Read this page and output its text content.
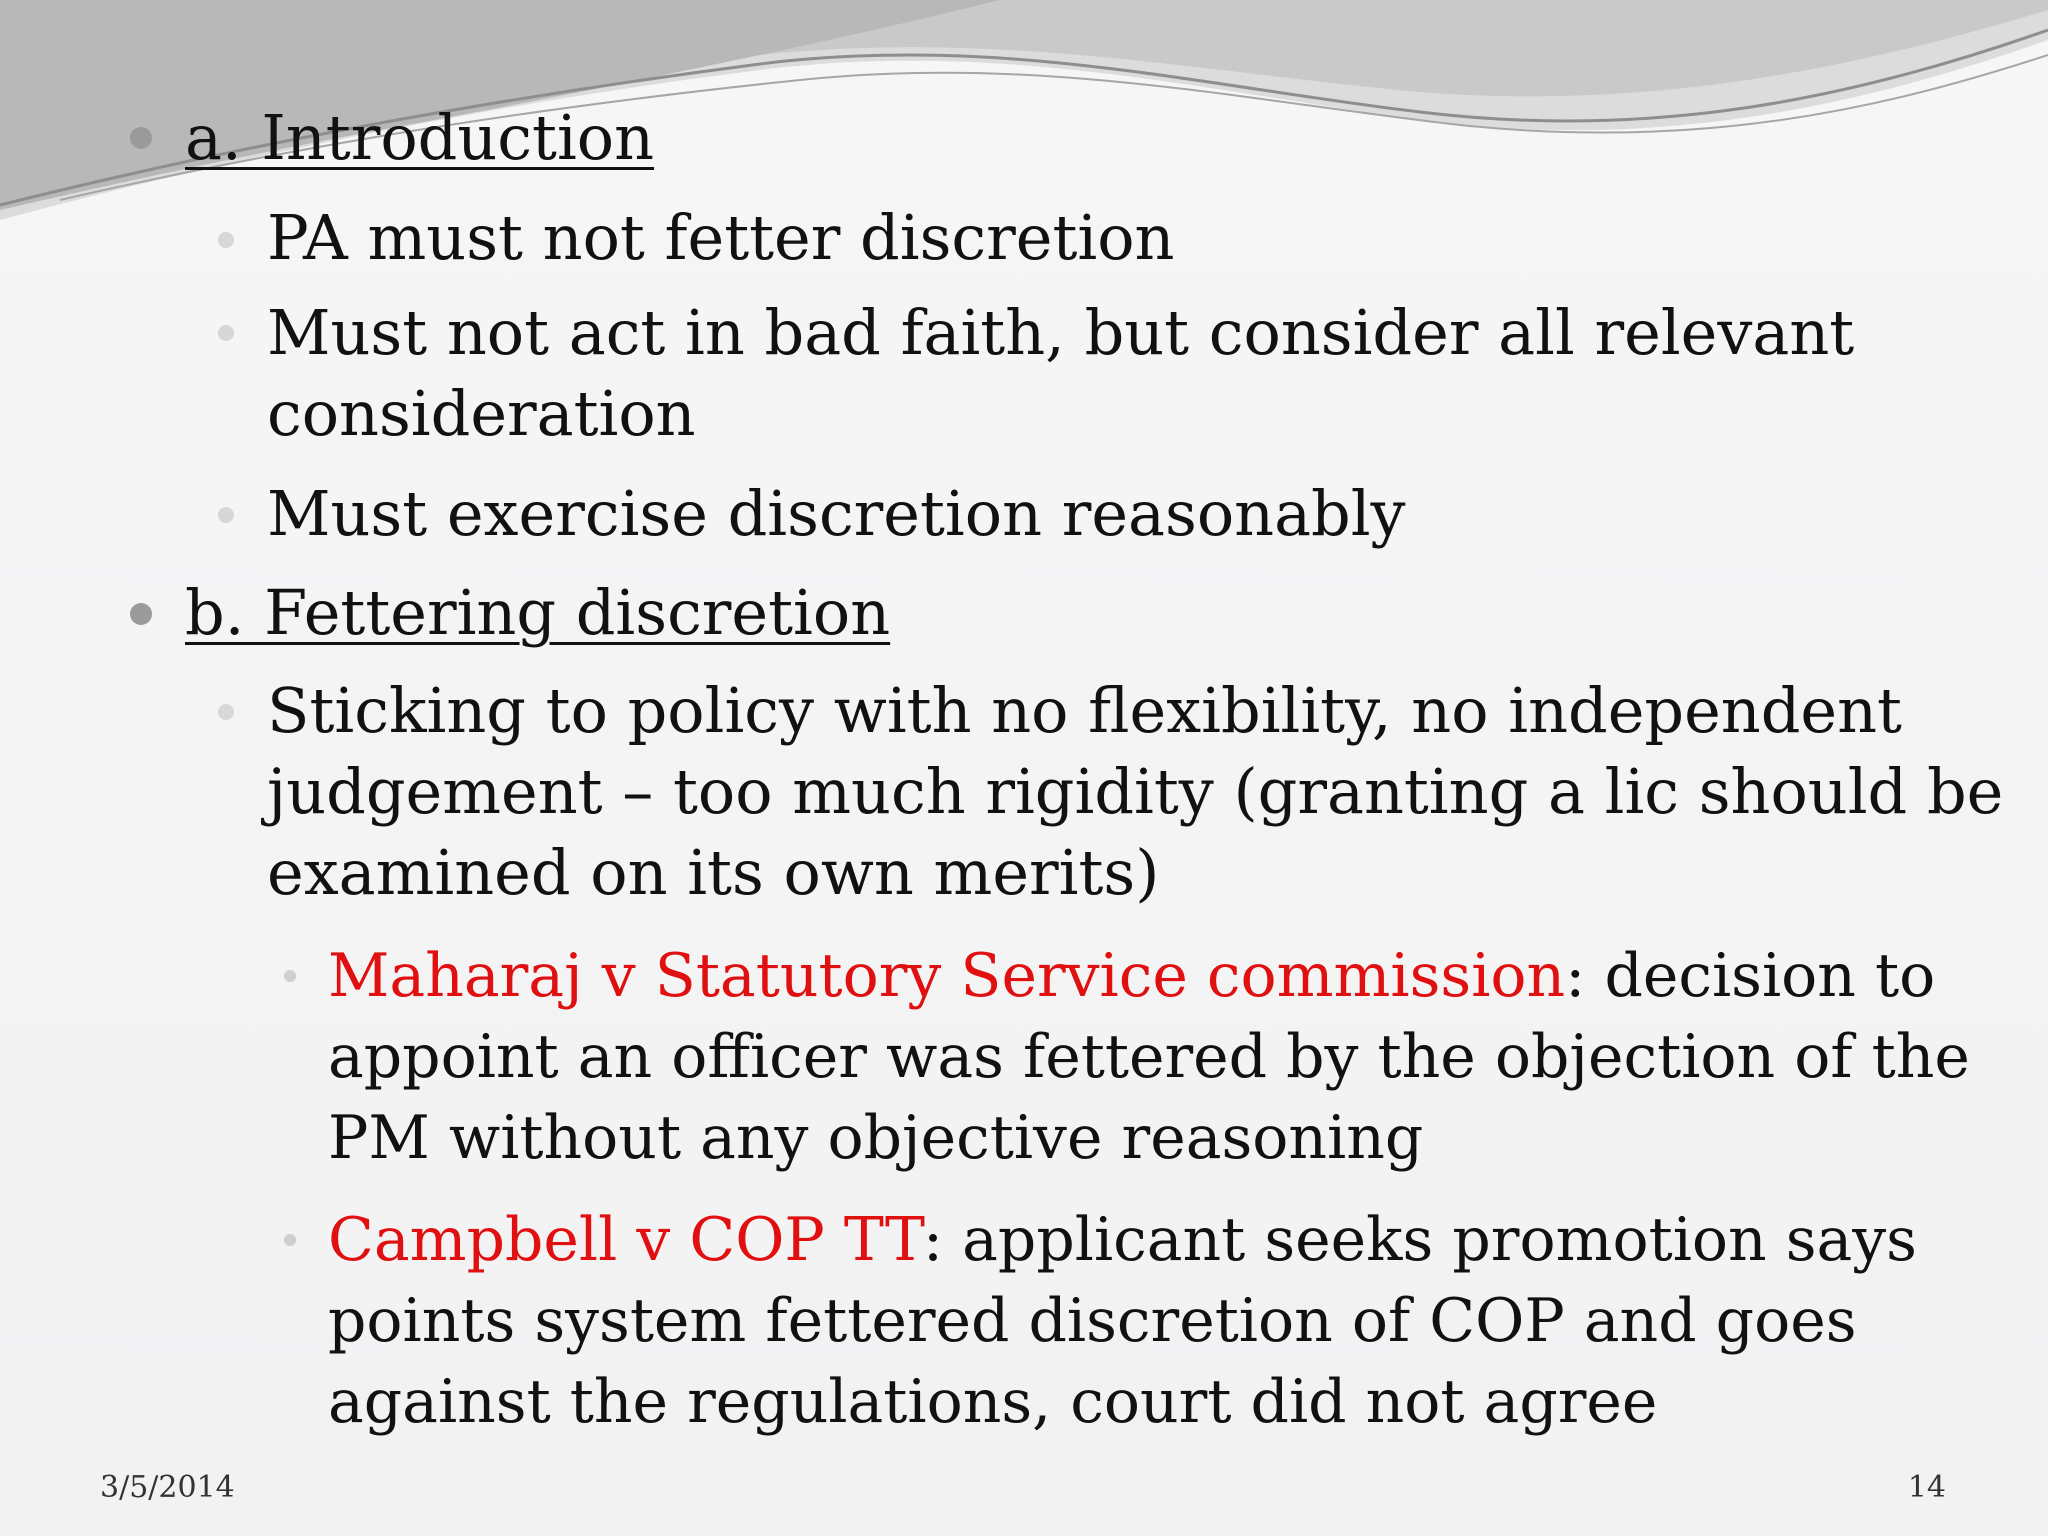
a. Introduction
PA must not fetter discretion
Must not act in bad faith, but consider all relevant
consideration
Must exercise discretion reasonably
b. Fettering discretion
Sticking to policy with no flexibility, no independent
judgement – too much rigidity (granting a lic should be
examined on its own merits)
Maharaj v Statutory Service commission: decision to
appoint an officer was fettered by the objection of the
PM without any objective reasoning
Campbell v COP TT: applicant seeks promotion says
points system fettered discretion of COP and goes
against the regulations, court did not agree
3/5/2014	14
